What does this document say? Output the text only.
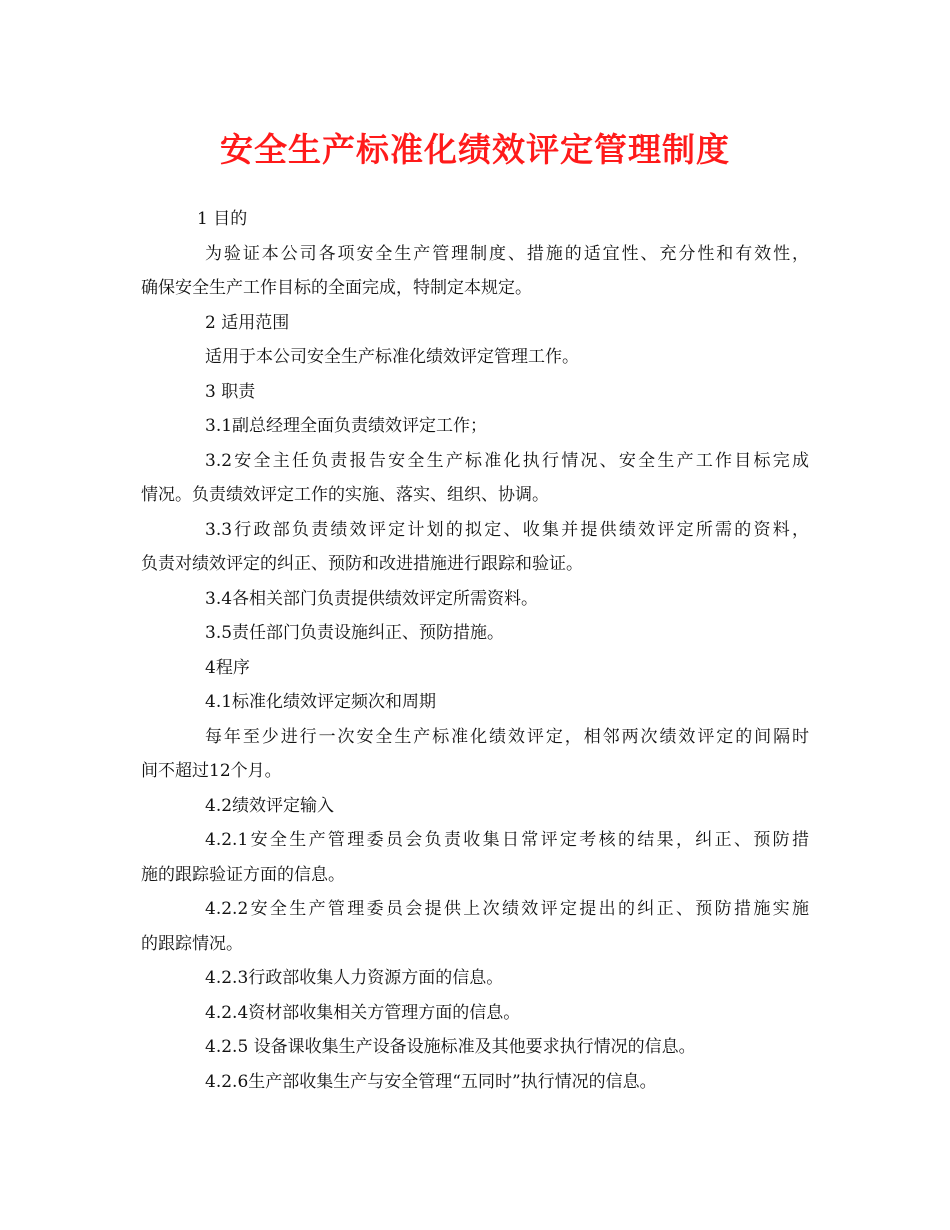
安全生产标准化绩效评定管理制度
1 目的
为验证本公司各项安全生产管理制度、措施的适宜性、充分性和有效性，
确保安全生产工作目标的全面完成，特制定本规定。
2 适用范围
适用于本公司安全生产标准化绩效评定管理工作。
3 职责
3.1副总经理全面负责绩效评定工作；
3.2安全主任负责报告安全生产标准化执行情况、安全生产工作目标完成
情况。负责绩效评定工作的实施、落实、组织、协调。
3.3行政部负责绩效评定计划的拟定、收集并提供绩效评定所需的资料，
负责对绩效评定的纠正、预防和改进措施进行跟踪和验证。
3.4各相关部门负责提供绩效评定所需资料。
3.5责任部门负责设施纠正、预防措施。
4程序
4.1标准化绩效评定频次和周期
每年至少进行一次安全生产标准化绩效评定，相邻两次绩效评定的间隔时
间不超过12个月。
4.2绩效评定输入
4.2.1安全生产管理委员会负责收集日常评定考核的结果，纠正、预防措
施的跟踪验证方面的信息。
4.2.2安全生产管理委员会提供上次绩效评定提出的纠正、预防措施实施
的跟踪情况。
4.2.3行政部收集人力资源方面的信息。
4.2.4资材部收集相关方管理方面的信息。
4.2.5 设备课收集生产设备设施标准及其他要求执行情况的信息。
4.2.6生产部收集生产与安全管理“五同时”执行情况的信息。
